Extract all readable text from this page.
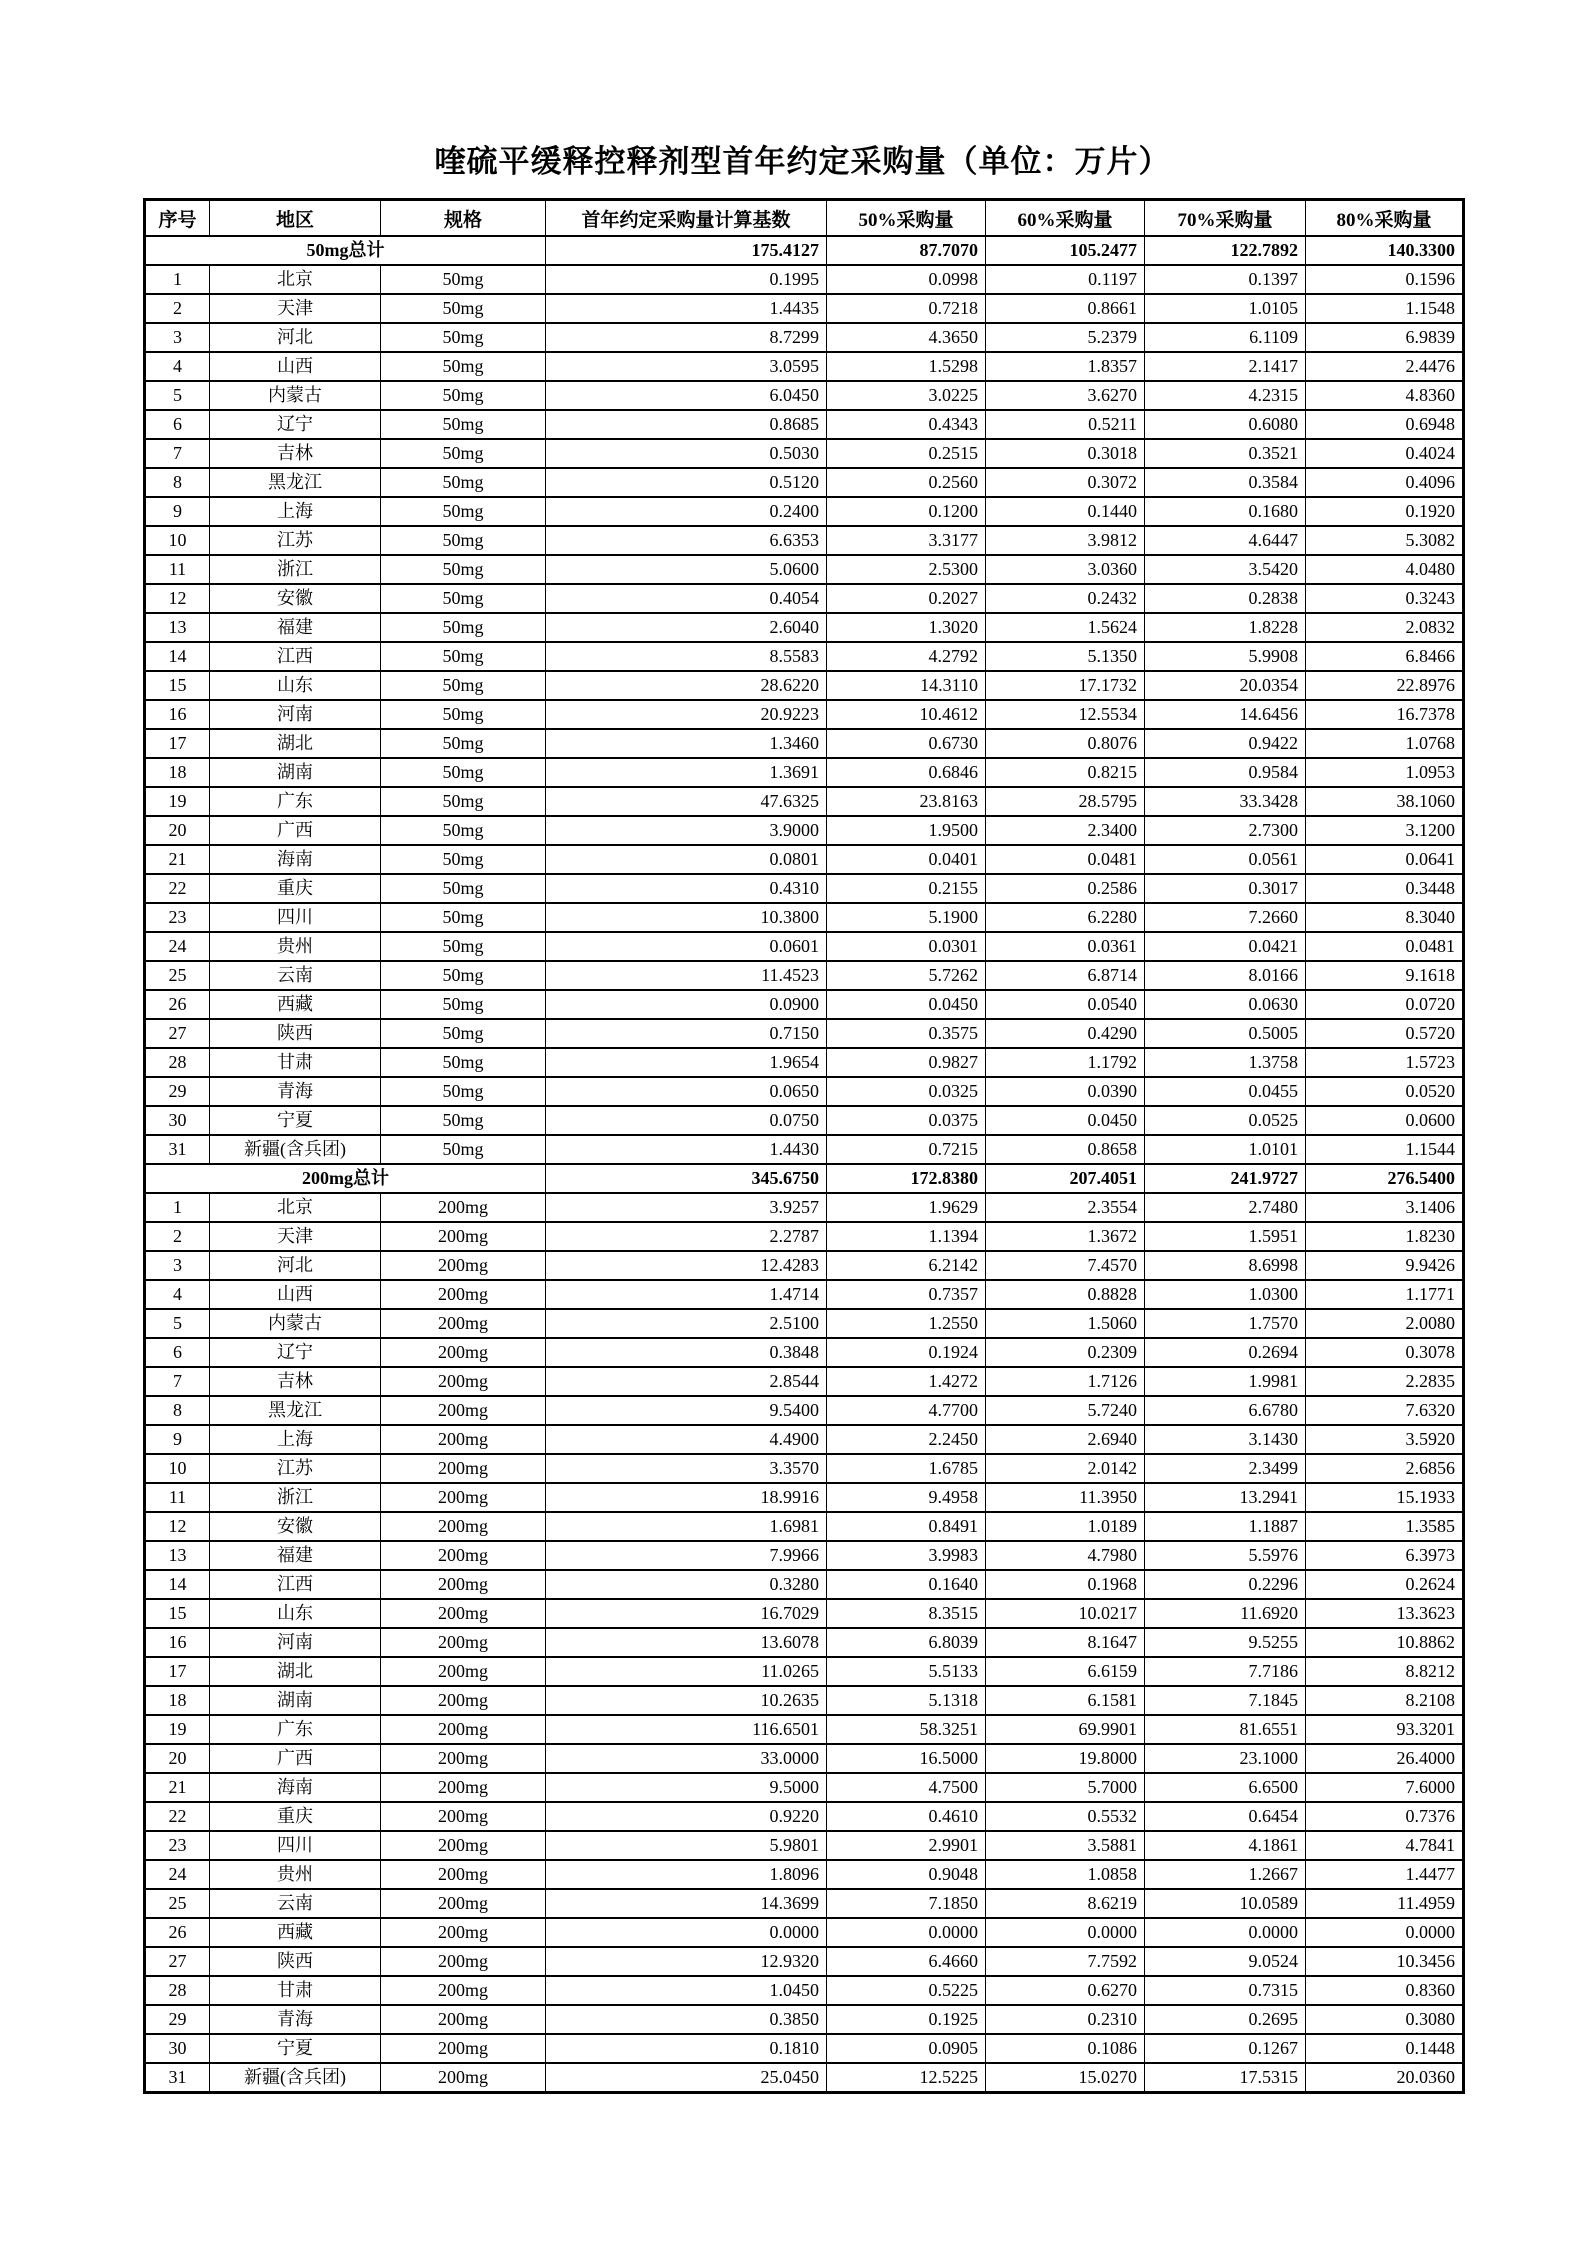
喹硫平缓释控释剂型首年约定采购量（单位：万片）
序号	地区	规格	首年约定采购量计算基数	50%采购量	60%采购量	70%采购量	80%采购量
50mg总计			175.4127	87.7070	105.2477	122.7892	140.3300
1	北京	50mg	0.1995	0.0998	0.1197	0.1397	0.1596
2	天津	50mg	1.4435	0.7218	0.8661	1.0105	1.1548
3	河北	50mg	8.7299	4.3650	5.2379	6.1109	6.9839
4	山西	50mg	3.0595	1.5298	1.8357	2.1417	2.4476
5	内蒙古	50mg	6.0450	3.0225	3.6270	4.2315	4.8360
6	辽宁	50mg	0.8685	0.4343	0.5211	0.6080	0.6948
7	吉林	50mg	0.5030	0.2515	0.3018	0.3521	0.4024
8	黑龙江	50mg	0.5120	0.2560	0.3072	0.3584	0.4096
9	上海	50mg	0.2400	0.1200	0.1440	0.1680	0.1920
10	江苏	50mg	6.6353	3.3177	3.9812	4.6447	5.3082
11	浙江	50mg	5.0600	2.5300	3.0360	3.5420	4.0480
12	安徽	50mg	0.4054	0.2027	0.2432	0.2838	0.3243
13	福建	50mg	2.6040	1.3020	1.5624	1.8228	2.0832
14	江西	50mg	8.5583	4.2792	5.1350	5.9908	6.8466
15	山东	50mg	28.6220	14.3110	17.1732	20.0354	22.8976
16	河南	50mg	20.9223	10.4612	12.5534	14.6456	16.7378
17	湖北	50mg	1.3460	0.6730	0.8076	0.9422	1.0768
18	湖南	50mg	1.3691	0.6846	0.8215	0.9584	1.0953
19	广东	50mg	47.6325	23.8163	28.5795	33.3428	38.1060
20	广西	50mg	3.9000	1.9500	2.3400	2.7300	3.1200
21	海南	50mg	0.0801	0.0401	0.0481	0.0561	0.0641
22	重庆	50mg	0.4310	0.2155	0.2586	0.3017	0.3448
23	四川	50mg	10.3800	5.1900	6.2280	7.2660	8.3040
24	贵州	50mg	0.0601	0.0301	0.0361	0.0421	0.0481
25	云南	50mg	11.4523	5.7262	6.8714	8.0166	9.1618
26	西藏	50mg	0.0900	0.0450	0.0540	0.0630	0.0720
27	陕西	50mg	0.7150	0.3575	0.4290	0.5005	0.5720
28	甘肃	50mg	1.9654	0.9827	1.1792	1.3758	1.5723
29	青海	50mg	0.0650	0.0325	0.0390	0.0455	0.0520
30	宁夏	50mg	0.0750	0.0375	0.0450	0.0525	0.0600
31	新疆(含兵团)	50mg	1.4430	0.7215	0.8658	1.0101	1.1544
200mg总计			345.6750	172.8380	207.4051	241.9727	276.5400
1	北京	200mg	3.9257	1.9629	2.3554	2.7480	3.1406
2	天津	200mg	2.2787	1.1394	1.3672	1.5951	1.8230
3	河北	200mg	12.4283	6.2142	7.4570	8.6998	9.9426
4	山西	200mg	1.4714	0.7357	0.8828	1.0300	1.1771
5	内蒙古	200mg	2.5100	1.2550	1.5060	1.7570	2.0080
6	辽宁	200mg	0.3848	0.1924	0.2309	0.2694	0.3078
7	吉林	200mg	2.8544	1.4272	1.7126	1.9981	2.2835
8	黑龙江	200mg	9.5400	4.7700	5.7240	6.6780	7.6320
9	上海	200mg	4.4900	2.2450	2.6940	3.1430	3.5920
10	江苏	200mg	3.3570	1.6785	2.0142	2.3499	2.6856
11	浙江	200mg	18.9916	9.4958	11.3950	13.2941	15.1933
12	安徽	200mg	1.6981	0.8491	1.0189	1.1887	1.3585
13	福建	200mg	7.9966	3.9983	4.7980	5.5976	6.3973
14	江西	200mg	0.3280	0.1640	0.1968	0.2296	0.2624
15	山东	200mg	16.7029	8.3515	10.0217	11.6920	13.3623
16	河南	200mg	13.6078	6.8039	8.1647	9.5255	10.8862
17	湖北	200mg	11.0265	5.5133	6.6159	7.7186	8.8212
18	湖南	200mg	10.2635	5.1318	6.1581	7.1845	8.2108
19	广东	200mg	116.6501	58.3251	69.9901	81.6551	93.3201
20	广西	200mg	33.0000	16.5000	19.8000	23.1000	26.4000
21	海南	200mg	9.5000	4.7500	5.7000	6.6500	7.6000
22	重庆	200mg	0.9220	0.4610	0.5532	0.6454	0.7376
23	四川	200mg	5.9801	2.9901	3.5881	4.1861	4.7841
24	贵州	200mg	1.8096	0.9048	1.0858	1.2667	1.4477
25	云南	200mg	14.3699	7.1850	8.6219	10.0589	11.4959
26	西藏	200mg	0.0000	0.0000	0.0000	0.0000	0.0000
27	陕西	200mg	12.9320	6.4660	7.7592	9.0524	10.3456
28	甘肃	200mg	1.0450	0.5225	0.6270	0.7315	0.8360
29	青海	200mg	0.3850	0.1925	0.2310	0.2695	0.3080
30	宁夏	200mg	0.1810	0.0905	0.1086	0.1267	0.1448
31	新疆(含兵团)	200mg	25.0450	12.5225	15.0270	17.5315	20.0360
